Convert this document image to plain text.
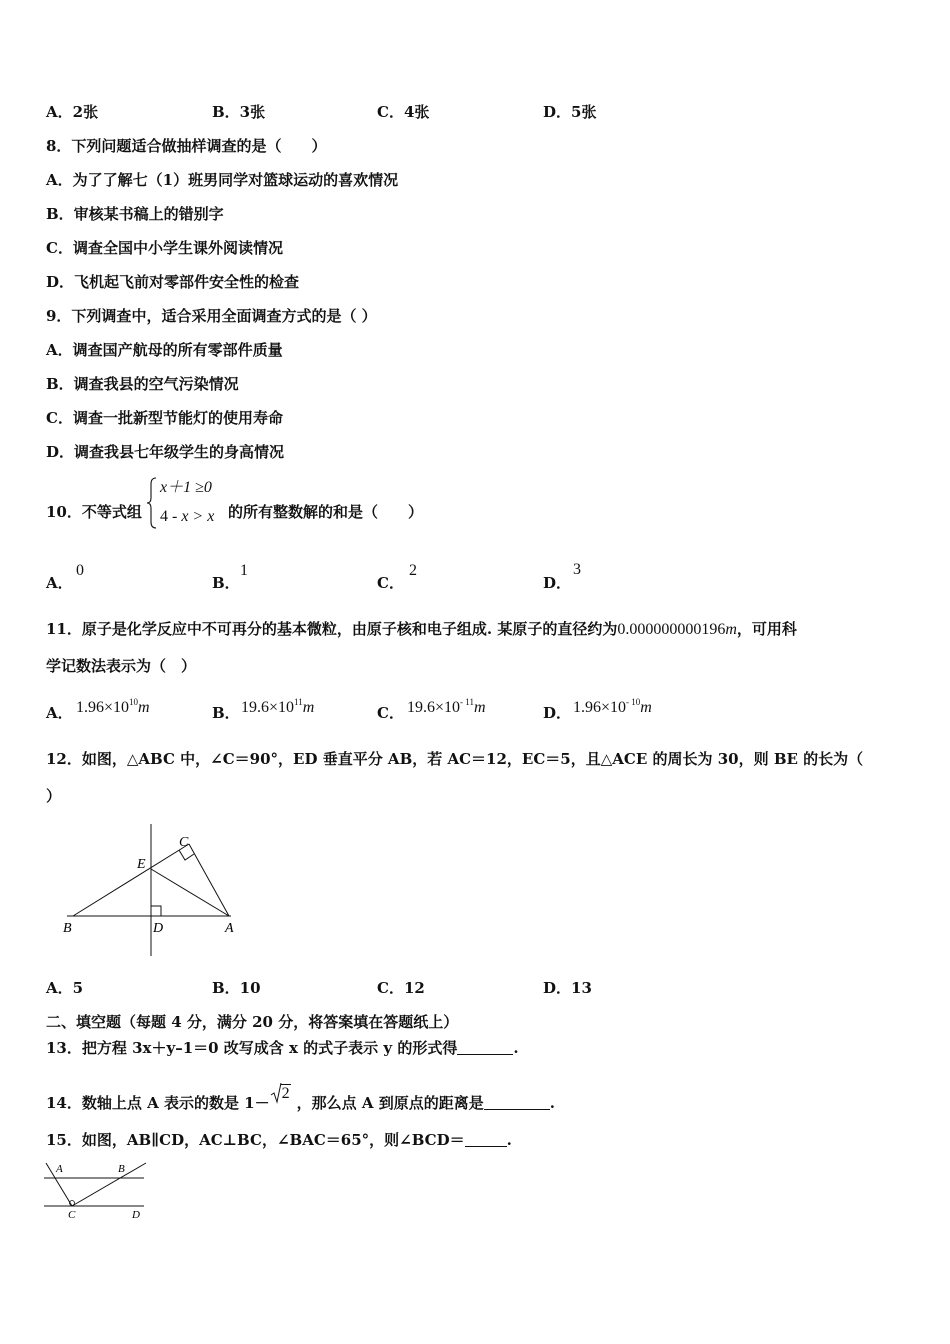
A．2张	B．3张	C．4张	D．5张
8．下列问题适合做抽样调查的是（　　）
A．为了了解七（1）班男同学对篮球运动的喜欢情况
B．审核某书稿上的错别字
C．调查全国中小学生课外阅读情况
D．飞机起飞前对零部件安全性的检查
9．下列调查中，适合采用全面调查方式的是（ ）
A．调查国产航母的所有零部件质量
B．调查我县的空气污染情况
C．调查一批新型节能灯的使用寿命
D．调查我县七年级学生的身高情况
10．不等式组
x＋1 ≥0
4 - x > x 的所有整数解的和是（　　）
A．
0
B．
1
C．
2
D．
3
11．原子是化学反应中不可再分的基本微粒，由原子核和电子组成. 某原子的直径约为0.000000000196m，可用科
学记数法表示为（　）
A． $1.96\times 10^{10}m$	B． $19.6\times 10^{11}m$	C． $19.6\times 10^{- 11}m$	D． $1.96\times 10^{- 10}m$
12．如图，△ABC 中，∠C＝90°，ED 垂直平分 AB，若 AC＝12，EC＝5，且△ACE 的周长为 30，则 BE 的长为（
）
C
E
B	D	A
A．5	B．10	C．12	D．13
二、填空题（每题 4 分，满分 20 分，将答案填在答题纸上）
13．把方程 3x＋y–1＝0 改写成含 x 的式子表示 y 的形式得	.
14．数轴上点 A 表示的数是 1－
2，那么点 A 到原点的距离是	.
15．如图，AB∥CD，AC⊥BC，∠BAC＝65°，则∠BCD＝	.
A	B
C	D
